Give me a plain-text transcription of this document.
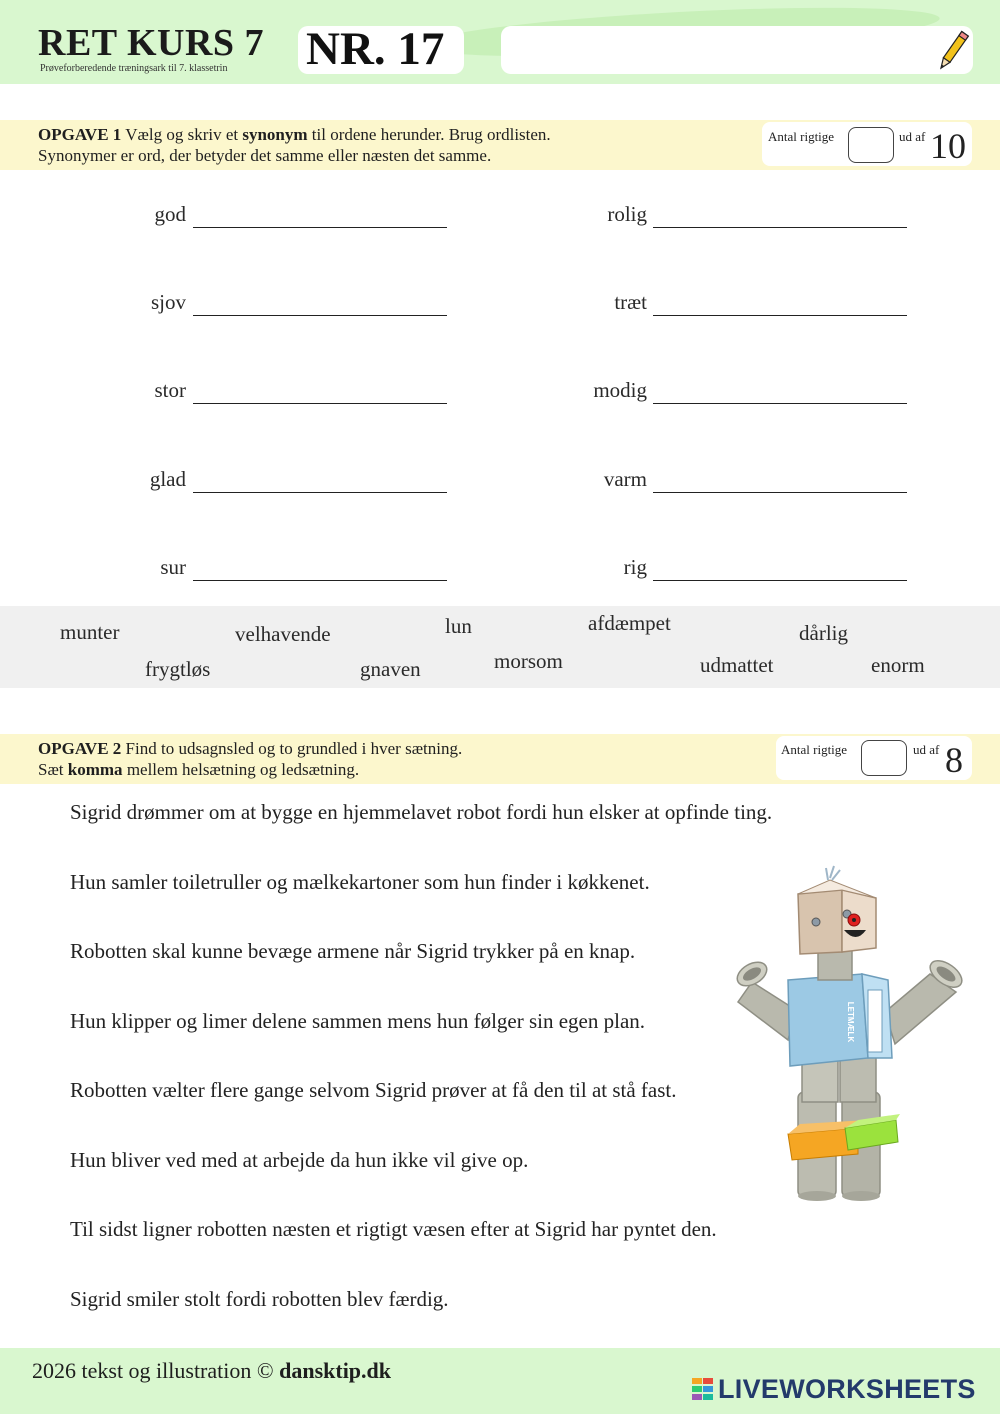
RET KURS 7
Prøveforberedende træningsark til 7. klassetrin NR. 17
OPGAVE 1 Vælg og skriv et synonym til ordene herunder. Brug ordlisten.
Synonymer er ord, der betyder det samme eller næsten det samme.
Antal rigtige	ud af 10
god
sjov
stor
glad
sur
rolig
træt
modig
varm
rig
munter	velhavende	lun	afdæmpet	dårlig
frygtløs	gnaven	morsom	udmattet	enorm
OPGAVE 2 Find to udsagnsled og to grundled i hver sætning.
Sæt komma mellem helsætning og ledsætning.
Antal rigtige	ud af 8
Sigrid drømmer om at bygge en hjemmelavet robot fordi hun elsker at opfinde ting.
Hun samler toiletruller og mælkekartoner som hun finder i køkkenet.
Robotten skal kunne bevæge armene når Sigrid trykker på en knap.
Hun klipper og limer delene sammen mens hun følger sin egen plan.
Robotten vælter flere gange selvom Sigrid prøver at få den til at stå fast.
Hun bliver ved med at arbejde da hun ikke vil give op.
Til sidst ligner robotten næsten et rigtigt væsen efter at Sigrid har pyntet den.
Sigrid smiler stolt fordi robotten blev færdig.
LETMÆLK
2026 tekst og illustration © dansktip.dk
LIVEWORKSHEETS
